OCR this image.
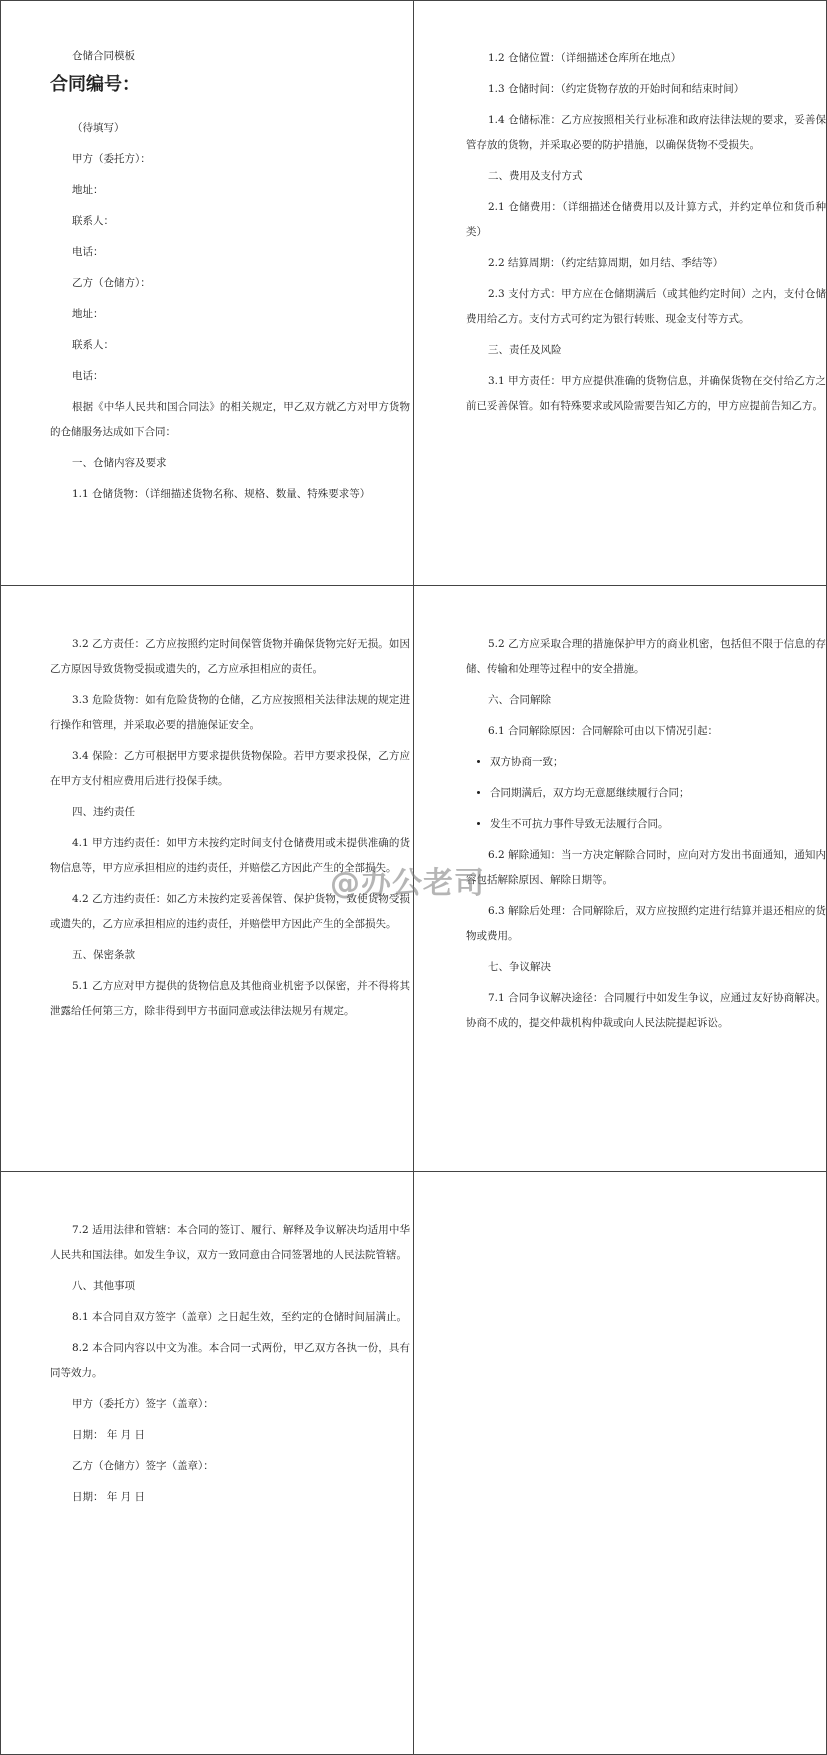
仓储合同模板
合同编号：
（待填写）
甲方（委托方）：
地址：
联系人：
电话：
乙方（仓储方）：
地址：
联系人：
电话：

根据《中华人民共和国合同法》的相关规定，甲乙双方就乙方对甲方货物的仓储服务达成如下合同：

一、仓储内容及要求

1.1 仓储货物：（详细描述货物名称、规格、数量、特殊要求等）

1.2 仓储位置：（详细描述仓库所在地点）

1.3 仓储时间：（约定货物存放的开始时间和结束时间）

1.4 仓储标准：乙方应按照相关行业标准和政府法律法规的要求，妥善保管存放的货物，并采取必要的防护措施，以确保货物不受损失。

二、费用及支付方式

2.1 仓储费用：（详细描述仓储费用以及计算方式，并约定单位和货币种类）

2.2 结算周期：（约定结算周期，如月结、季结等）

2.3 支付方式：甲方应在仓储期满后（或其他约定时间）之内，支付仓储费用给乙方。支付方式可约定为银行转账、现金支付等方式。

三、责任及风险

3.1 甲方责任：甲方应提供准确的货物信息，并确保货物在交付给乙方之前已妥善保管。如有特殊要求或风险需要告知乙方的，甲方应提前告知乙方。

3.2 乙方责任：乙方应按照约定时间保管货物并确保货物完好无损。如因乙方原因导致货物受损或遗失的，乙方应承担相应的责任。

3.3 危险货物：如有危险货物的仓储，乙方应按照相关法律法规的规定进行操作和管理，并采取必要的措施保证安全。

3.4 保险：乙方可根据甲方要求提供货物保险。若甲方要求投保，乙方应在甲方支付相应费用后进行投保手续。

四、违约责任

4.1 甲方违约责任：如甲方未按约定时间支付仓储费用或未提供准确的货物信息等，甲方应承担相应的违约责任，并赔偿乙方因此产生的全部损失。

4.2 乙方违约责任：如乙方未按约定妥善保管、保护货物，致使货物受损或遗失的，乙方应承担相应的违约责任，并赔偿甲方因此产生的全部损失。

五、保密条款

5.1 乙方应对甲方提供的货物信息及其他商业机密予以保密，并不得将其泄露给任何第三方，除非得到甲方书面同意或法律法规另有规定。

5.2 乙方应采取合理的措施保护甲方的商业机密，包括但不限于信息的存储、传输和处理等过程中的安全措施。

六、合同解除

6.1 合同解除原因：合同解除可由以下情况引起：

• 双方协商一致；
• 合同期满后，双方均无意愿继续履行合同；
• 发生不可抗力事件导致无法履行合同。

6.2 解除通知：当一方决定解除合同时，应向对方发出书面通知，通知内容包括解除原因、解除日期等。

6.3 解除后处理：合同解除后，双方应按照约定进行结算并退还相应的货物或费用。

七、争议解决

7.1 合同争议解决途径：合同履行中如发生争议，应通过友好协商解决。协商不成的，提交仲裁机构仲裁或向人民法院提起诉讼。

7.2 适用法律和管辖：本合同的签订、履行、解释及争议解决均适用中华人民共和国法律。如发生争议，双方一致同意由合同签署地的人民法院管辖。

八、其他事项

8.1 本合同自双方签字（盖章）之日起生效，至约定的仓储时间届满止。

8.2 本合同内容以中文为准。本合同一式两份，甲乙双方各执一份，具有同等效力。

甲方（委托方）签字（盖章）：
日期： 年 月 日
乙方（仓储方）签字（盖章）：
日期： 年 月 日
@办公老司
